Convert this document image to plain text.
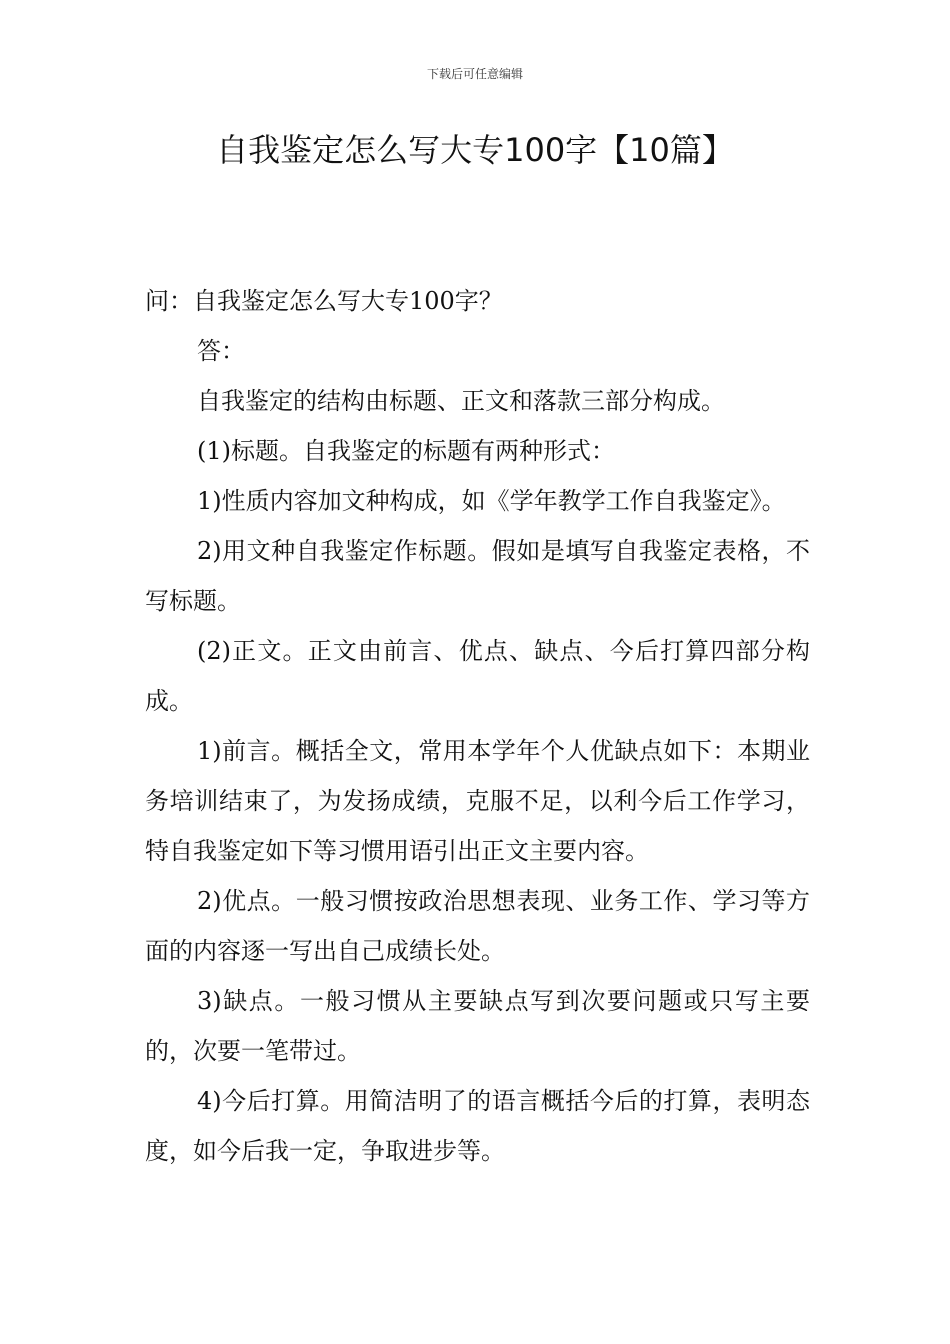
下载后可任意编辑
自我鉴定怎么写大专100字【10篇】

问：自我鉴定怎么写大专100字？

答：

自我鉴定的结构由标题、正文和落款三部分构成。

(1)标题。自我鉴定的标题有两种形式：

1)性质内容加文种构成，如《学年教学工作自我鉴定》。

2)用文种自我鉴定作标题。假如是填写自我鉴定表格，不写标题。

(2)正文。正文由前言、优点、缺点、今后打算四部分构成。

1)前言。概括全文，常用本学年个人优缺点如下：本期业务培训结束了，为发扬成绩，克服不足，以利今后工作学习，特自我鉴定如下等习惯用语引出正文主要内容。

2)优点。一般习惯按政治思想表现、业务工作、学习等方面的内容逐一写出自己成绩长处。

3)缺点。一般习惯从主要缺点写到次要问题或只写主要的，次要一笔带过。

4)今后打算。用简洁明了的语言概括今后的打算，表明态度，如今后我一定，争取进步等。
